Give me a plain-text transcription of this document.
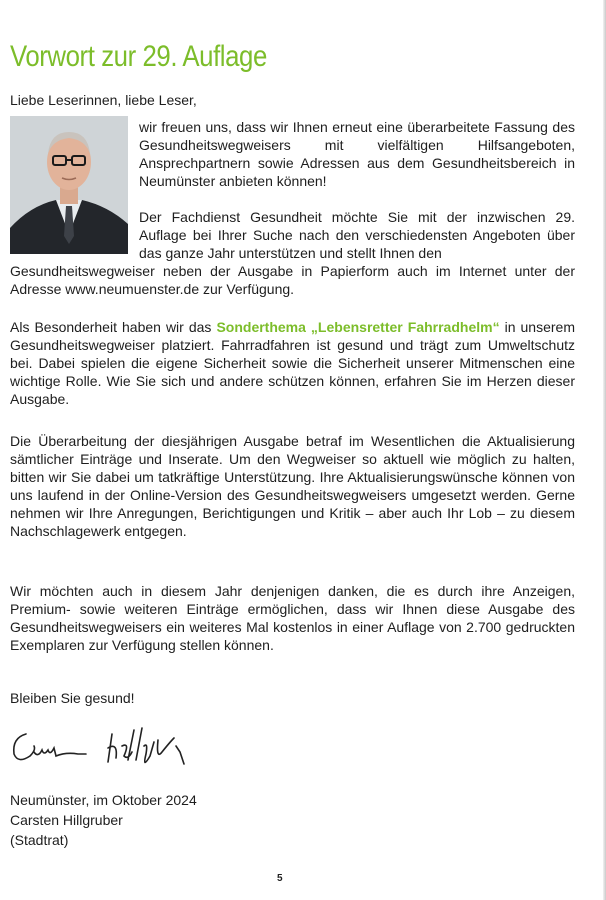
Vorwort zur 29. Auflage
Liebe Leserinnen, liebe Leser,
wir freuen uns, dass wir Ihnen erneut eine überarbeitete Fassung des Gesundheitswegweisers mit vielfältigen Hilfsangeboten, Ansprechpartnern sowie Adressen aus dem Gesundheitsbereich in Neumünster anbieten können!
Der Fachdienst Gesundheit möchte Sie mit der inzwischen 29. Auflage bei Ihrer Suche nach den verschiedensten Angeboten über das ganze Jahr unterstützen und stellt Ihnen den
Gesundheitswegweiser neben der Ausgabe in Papierform auch im Internet unter der Adresse www.neumuenster.de zur Verfügung.
Als Besonderheit haben wir das Sonderthema „Lebensretter Fahrradhelm“ in unserem Gesundheitswegweiser platziert. Fahrradfahren ist gesund und trägt zum Umweltschutz bei. Dabei spielen die eigene Sicherheit sowie die Sicherheit unserer Mitmenschen eine wichtige Rolle. Wie Sie sich und andere schützen können, erfahren Sie im Herzen dieser Ausgabe.
Die Überarbeitung der diesjährigen Ausgabe betraf im Wesentlichen die Aktualisierung sämtlicher Einträge und Inserate. Um den Wegweiser so aktuell wie möglich zu halten, bitten wir Sie dabei um tatkräftige Unterstützung. Ihre Aktualisierungswünsche können von uns laufend in der Online-Version des Gesundheitswegweisers umgesetzt werden. Gerne nehmen wir Ihre Anregungen, Berichtigungen und Kritik – aber auch Ihr Lob – zu diesem Nachschlagewerk entgegen.
Wir möchten auch in diesem Jahr denjenigen danken, die es durch ihre Anzeigen, Premium- sowie weiteren Einträge ermöglichen, dass wir Ihnen diese Ausgabe des Gesundheitswegweisers ein weiteres Mal kostenlos in einer Auflage von 2.700 gedruckten Exemplaren zur Verfügung stellen können.
Bleiben Sie gesund!
Neumünster, im Oktober 2024
Carsten Hillgruber
(Stadtrat)
5
